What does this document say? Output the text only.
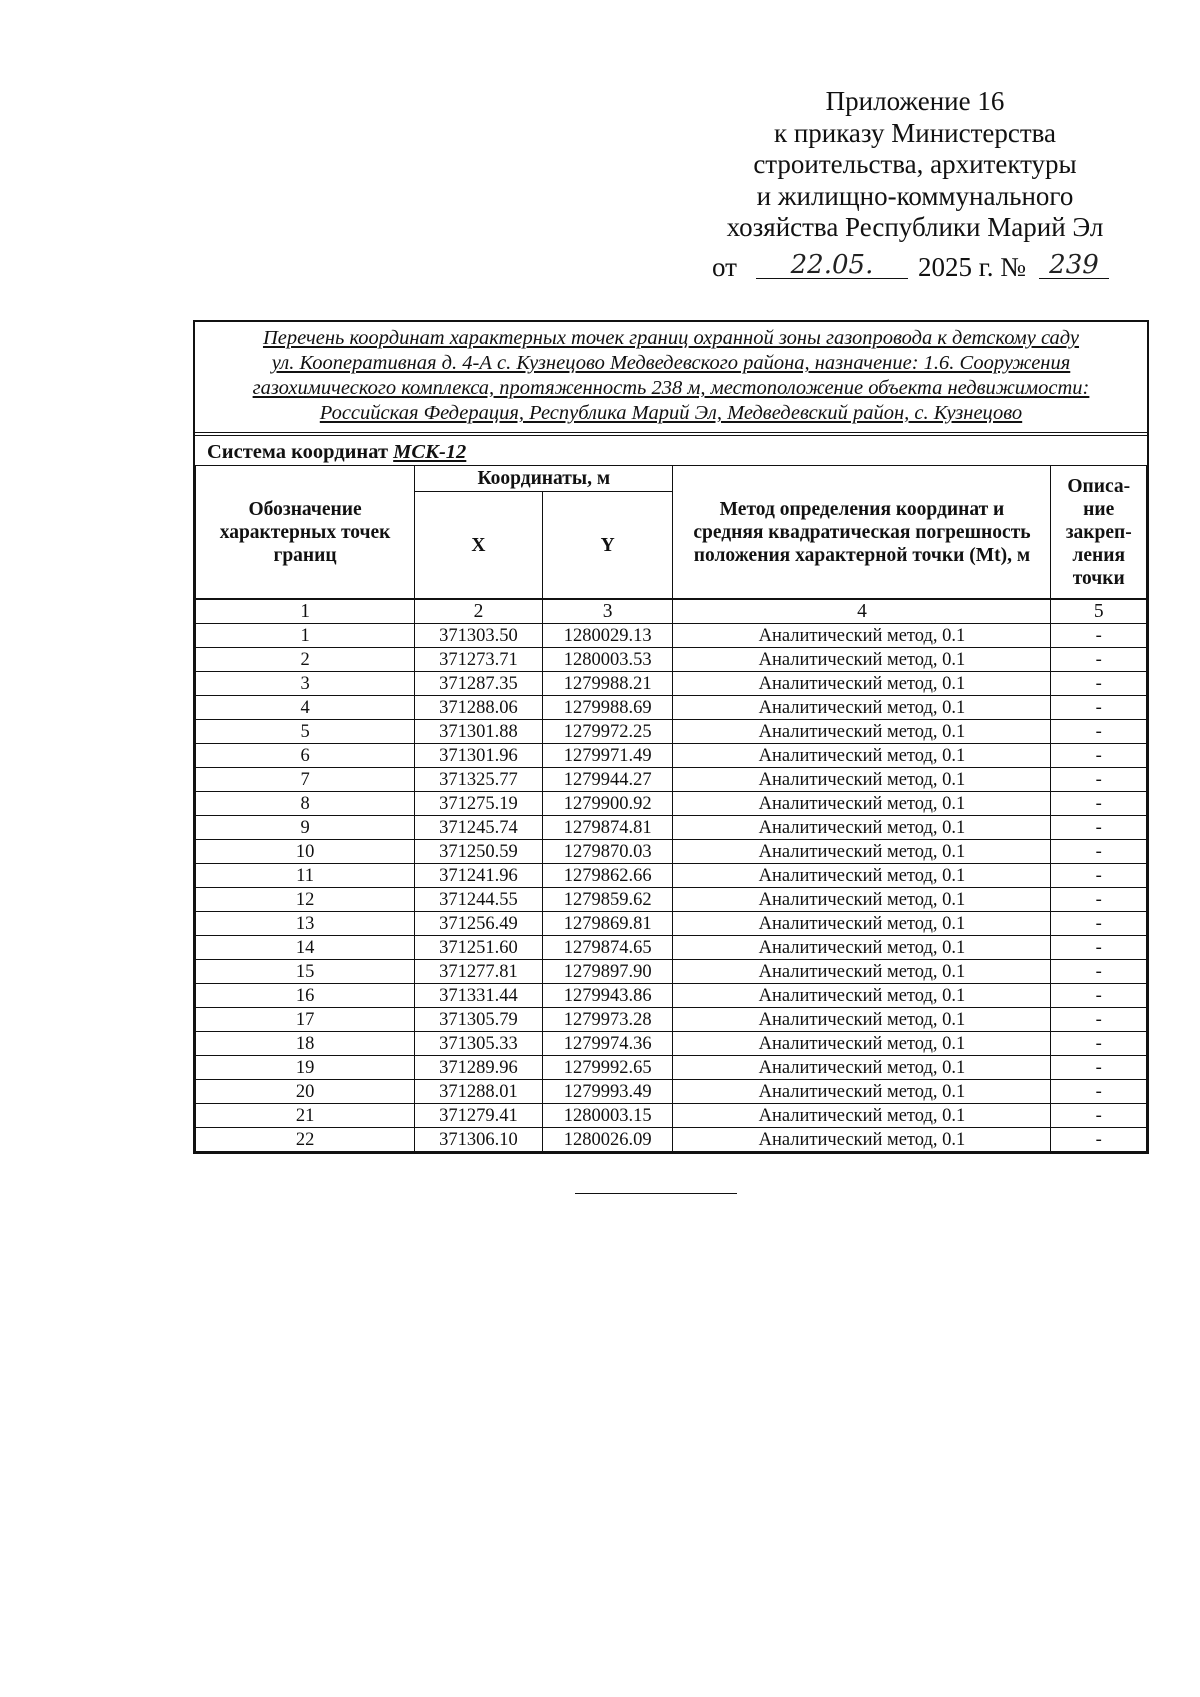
Приложение 16
к приказу Министерства
строительства, архитектуры
и жилищно-коммунального
хозяйства Республики Марий Эл
от	22.05.	2025 г. № 239
Перечень координат характерных точек границ охранной зоны газопровода к детскому саду
ул. Кооперативная д. 4-А с. Кузнецово Медведевского района, назначение: 1.6. Сооружения
газохимического комплекса, протяженность 238 м, местоположение объекта недвижимости:
Российская Федерация, Республика Марий Эл, Медведевский район, с. Кузнецово
Система координат МСК-12
Обозначение характерных точек границ	Координаты, м		Метод определения координат и средняя квадратическая погрешность положения характерной точки (Mt), м	Описа-ние закреп-ления точки
	X	Y		
1	2	3	4	5
1	371303.50	1280029.13	Аналитический метод, 0.1	-
2	371273.71	1280003.53	Аналитический метод, 0.1	-
3	371287.35	1279988.21	Аналитический метод, 0.1	-
4	371288.06	1279988.69	Аналитический метод, 0.1	-
5	371301.88	1279972.25	Аналитический метод, 0.1	-
6	371301.96	1279971.49	Аналитический метод, 0.1	-
7	371325.77	1279944.27	Аналитический метод, 0.1	-
8	371275.19	1279900.92	Аналитический метод, 0.1	-
9	371245.74	1279874.81	Аналитический метод, 0.1	-
10	371250.59	1279870.03	Аналитический метод, 0.1	-
11	371241.96	1279862.66	Аналитический метод, 0.1	-
12	371244.55	1279859.62	Аналитический метод, 0.1	-
13	371256.49	1279869.81	Аналитический метод, 0.1	-
14	371251.60	1279874.65	Аналитический метод, 0.1	-
15	371277.81	1279897.90	Аналитический метод, 0.1	-
16	371331.44	1279943.86	Аналитический метод, 0.1	-
17	371305.79	1279973.28	Аналитический метод, 0.1	-
18	371305.33	1279974.36	Аналитический метод, 0.1	-
19	371289.96	1279992.65	Аналитический метод, 0.1	-
20	371288.01	1279993.49	Аналитический метод, 0.1	-
21	371279.41	1280003.15	Аналитический метод, 0.1	-
22	371306.10	1280026.09	Аналитический метод, 0.1	-
